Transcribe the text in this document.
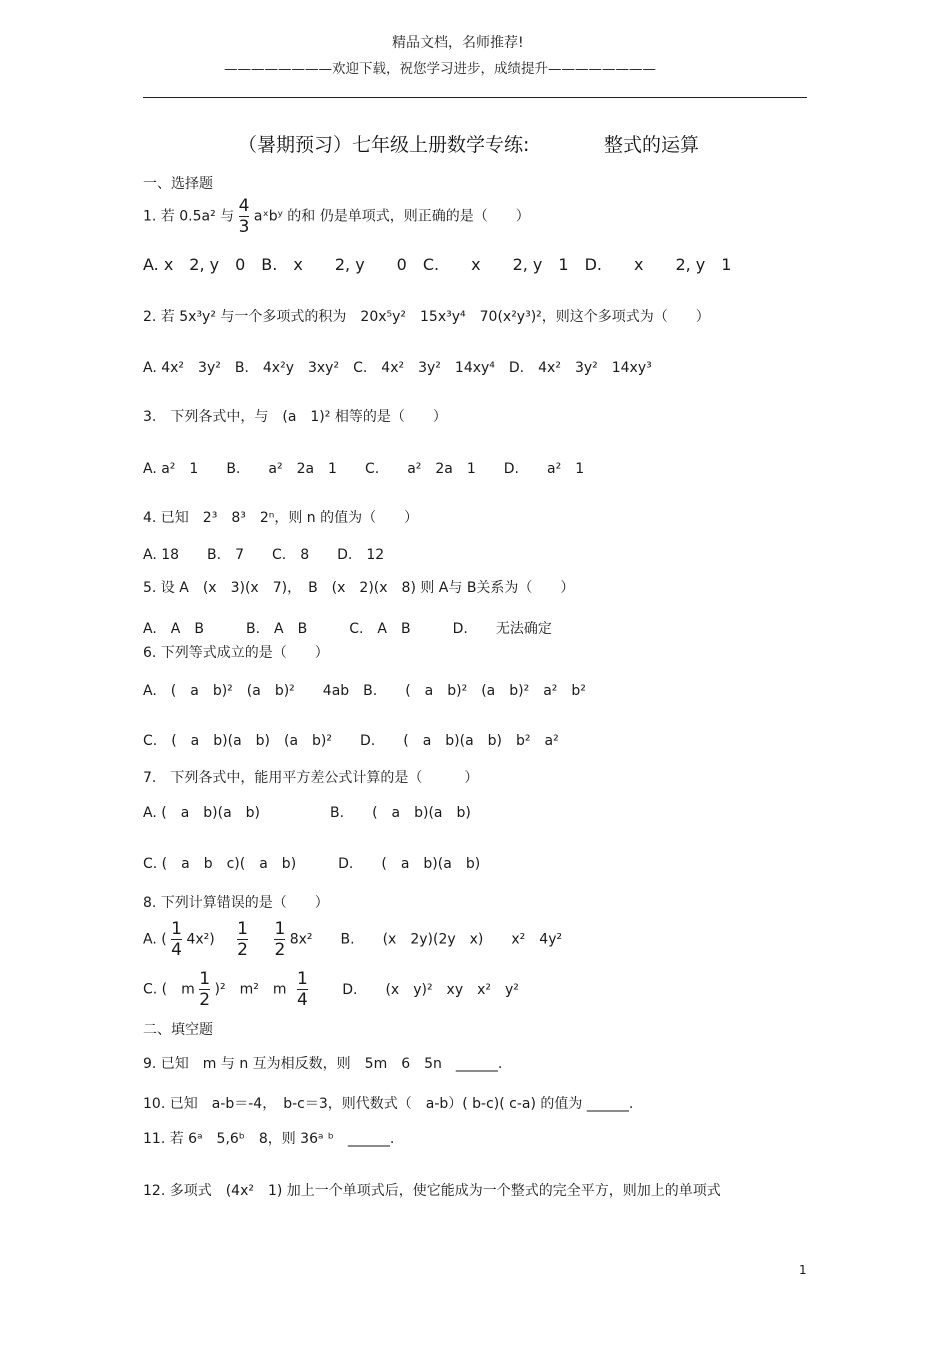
精品文档，名师推荐!
————————欢迎下载，祝您学习进步，成绩提升————————
（暑期预习）七年级上册数学专练:	整式的运算
一、选择题
1. 若 0.5a² 与 $\frac{4}{3}$ aˣbʸ 的和 仍是单项式，则正确的是（　　）
A. x　2, y　0　B.　x　　2, y　　0　C.　　x　　2, y　1　D.　　x　　2, y　1
2. 若 5x³y² 与一个多项式的积为　20x⁵y²　15x³y⁴　70(x²y³)²，则这个多项式为（　　）
A. 4x²　3y²　B.　4x²y　3xy²　C.　4x²　3y²　14xy⁴　D.　4x²　3y²　14xy³
3.　下列各式中，与　(a　1)² 相等的是（　　）
A. a²　1　　B.　　a²　2a　1　　C.　　a²　2a　1　　D.　　a²　1
4. 已知　2³　8³　2ⁿ，则 n 的值为（　　）
A. 18　　B.　7　　C.　8　　D.　12
5. 设 A　(x　3)(x　7)，　B　(x　2)(x　8) 则 A与 B关系为（　　）
A.　A　B　　　B.　A　B　　　C.　A　B　　　D.　　无法确定
6. 下列等式成立的是（　　）
A.　(　a　b)²　(a　b)²　　4ab　B.　　(　a　b)²　(a　b)²　a²　b²
C.　(　a　b)(a　b)　(a　b)²　　D.　　(　a　b)(a　b)　b²　a²
7.　下列各式中，能用平方差公式计算的是（　　　）
A. (　a　b)(a　b)　　　　　B.　　(　a　b)(a　b)
C. (　a　b　c)(　a　b)　　　D.　　(　a　b)(a　b)
8. 下列计算错误的是（　　）
A. ( $\frac{1}{4} 4x^2) \frac{1}{2}$
$\frac{1}{2} 8x^2$　　B.　　(x　2y)(2y　x)　　x²　4y²
C. (　m $\frac{1}{2} )^2$　m²　m $\frac{1}{4} D$.　　(x　y)²　xy　x²　y²
二、填空题
9. 已知　m 与 n 互为相反数，则　5m　6　5n　______.
10. 已知　a-b＝-4，　b-c＝3，则代数式（　a-b）( b-c)( c-a) 的值为 ______.
11. 若 6ᵃ　5,6ᵇ　8，则 36ᵃ ᵇ　______.
12. 多项式　(4x²　1) 加上一个单项式后，使它能成为一个整式的完全平方，则加上的单项式
1
